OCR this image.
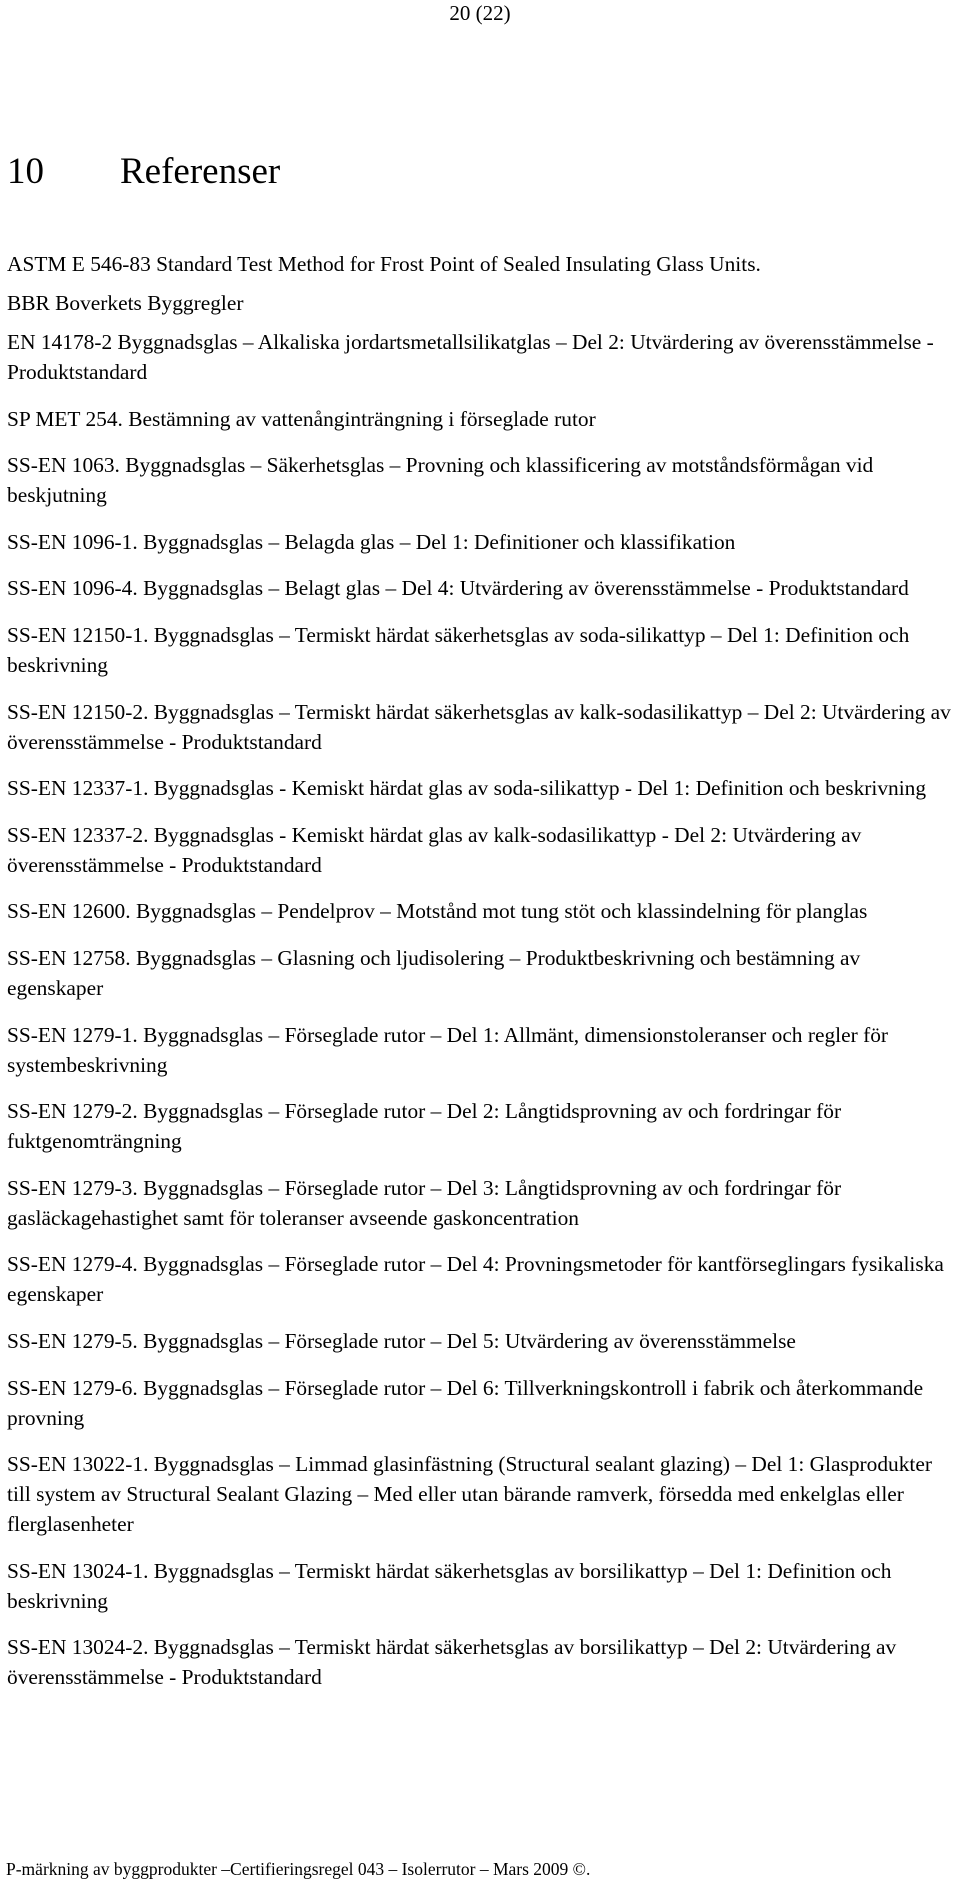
20 (22)
10 Referenser
ASTM E 546-83 Standard Test Method for Frost Point of Sealed Insulating Glass Units.
BBR Boverkets Byggregler
EN 14178-2 Byggnadsglas – Alkaliska jordartsmetallsilikatglas – Del 2: Utvärdering av överensstämmelse - Produktstandard
SP MET 254. Bestämning av vattenånginträngning i förseglade rutor
SS-EN 1063. Byggnadsglas – Säkerhetsglas – Provning och klassificering av motståndsförmågan vid beskjutning
SS-EN 1096-1. Byggnadsglas – Belagda glas – Del 1: Definitioner och klassifikation
SS-EN 1096-4. Byggnadsglas – Belagt glas – Del 4: Utvärdering av överensstämmelse - Produktstandard
SS-EN 12150-1. Byggnadsglas – Termiskt härdat säkerhetsglas av soda-silikattyp – Del 1: Definition och beskrivning
SS-EN 12150-2. Byggnadsglas – Termiskt härdat säkerhetsglas av kalk-sodasilikattyp – Del 2: Utvärdering av överensstämmelse - Produktstandard
SS-EN 12337-1. Byggnadsglas - Kemiskt härdat glas av soda-silikattyp - Del 1: Definition och beskrivning
SS-EN 12337-2. Byggnadsglas - Kemiskt härdat glas av kalk-sodasilikattyp - Del 2: Utvärdering av överensstämmelse - Produktstandard
SS-EN 12600. Byggnadsglas – Pendelprov – Motstånd mot tung stöt och klassindelning för planglas
SS-EN 12758. Byggnadsglas – Glasning och ljudisolering – Produktbeskrivning och bestämning av egenskaper
SS-EN 1279-1. Byggnadsglas – Förseglade rutor – Del 1: Allmänt, dimensionstoleranser och regler för systembeskrivning
SS-EN 1279-2. Byggnadsglas – Förseglade rutor – Del 2: Långtidsprovning av och fordringar för fuktgenomträngning
SS-EN 1279-3. Byggnadsglas – Förseglade rutor – Del 3: Långtidsprovning av och fordringar för gasläckagehastighet samt för toleranser avseende gaskoncentration
SS-EN 1279-4. Byggnadsglas – Förseglade rutor – Del 4: Provningsmetoder för kantförseglingars fysikaliska egenskaper
SS-EN 1279-5. Byggnadsglas – Förseglade rutor – Del 5: Utvärdering av överensstämmelse
SS-EN 1279-6. Byggnadsglas – Förseglade rutor – Del 6: Tillverkningskontroll i fabrik och återkommande provning
SS-EN 13022-1. Byggnadsglas – Limmad glasinfästning (Structural sealant glazing) – Del 1: Glasprodukter till system av Structural Sealant Glazing – Med eller utan bärande ramverk, försedda med enkelglas eller flerglasenheter
SS-EN 13024-1. Byggnadsglas – Termiskt härdat säkerhetsglas av borsilikattyp – Del 1: Definition och beskrivning
SS-EN 13024-2. Byggnadsglas – Termiskt härdat säkerhetsglas av borsilikattyp – Del 2: Utvärdering av överensstämmelse - Produktstandard
P-märkning av byggprodukter –Certifieringsregel 043 – Isolerrutor – Mars 2009 ©.
